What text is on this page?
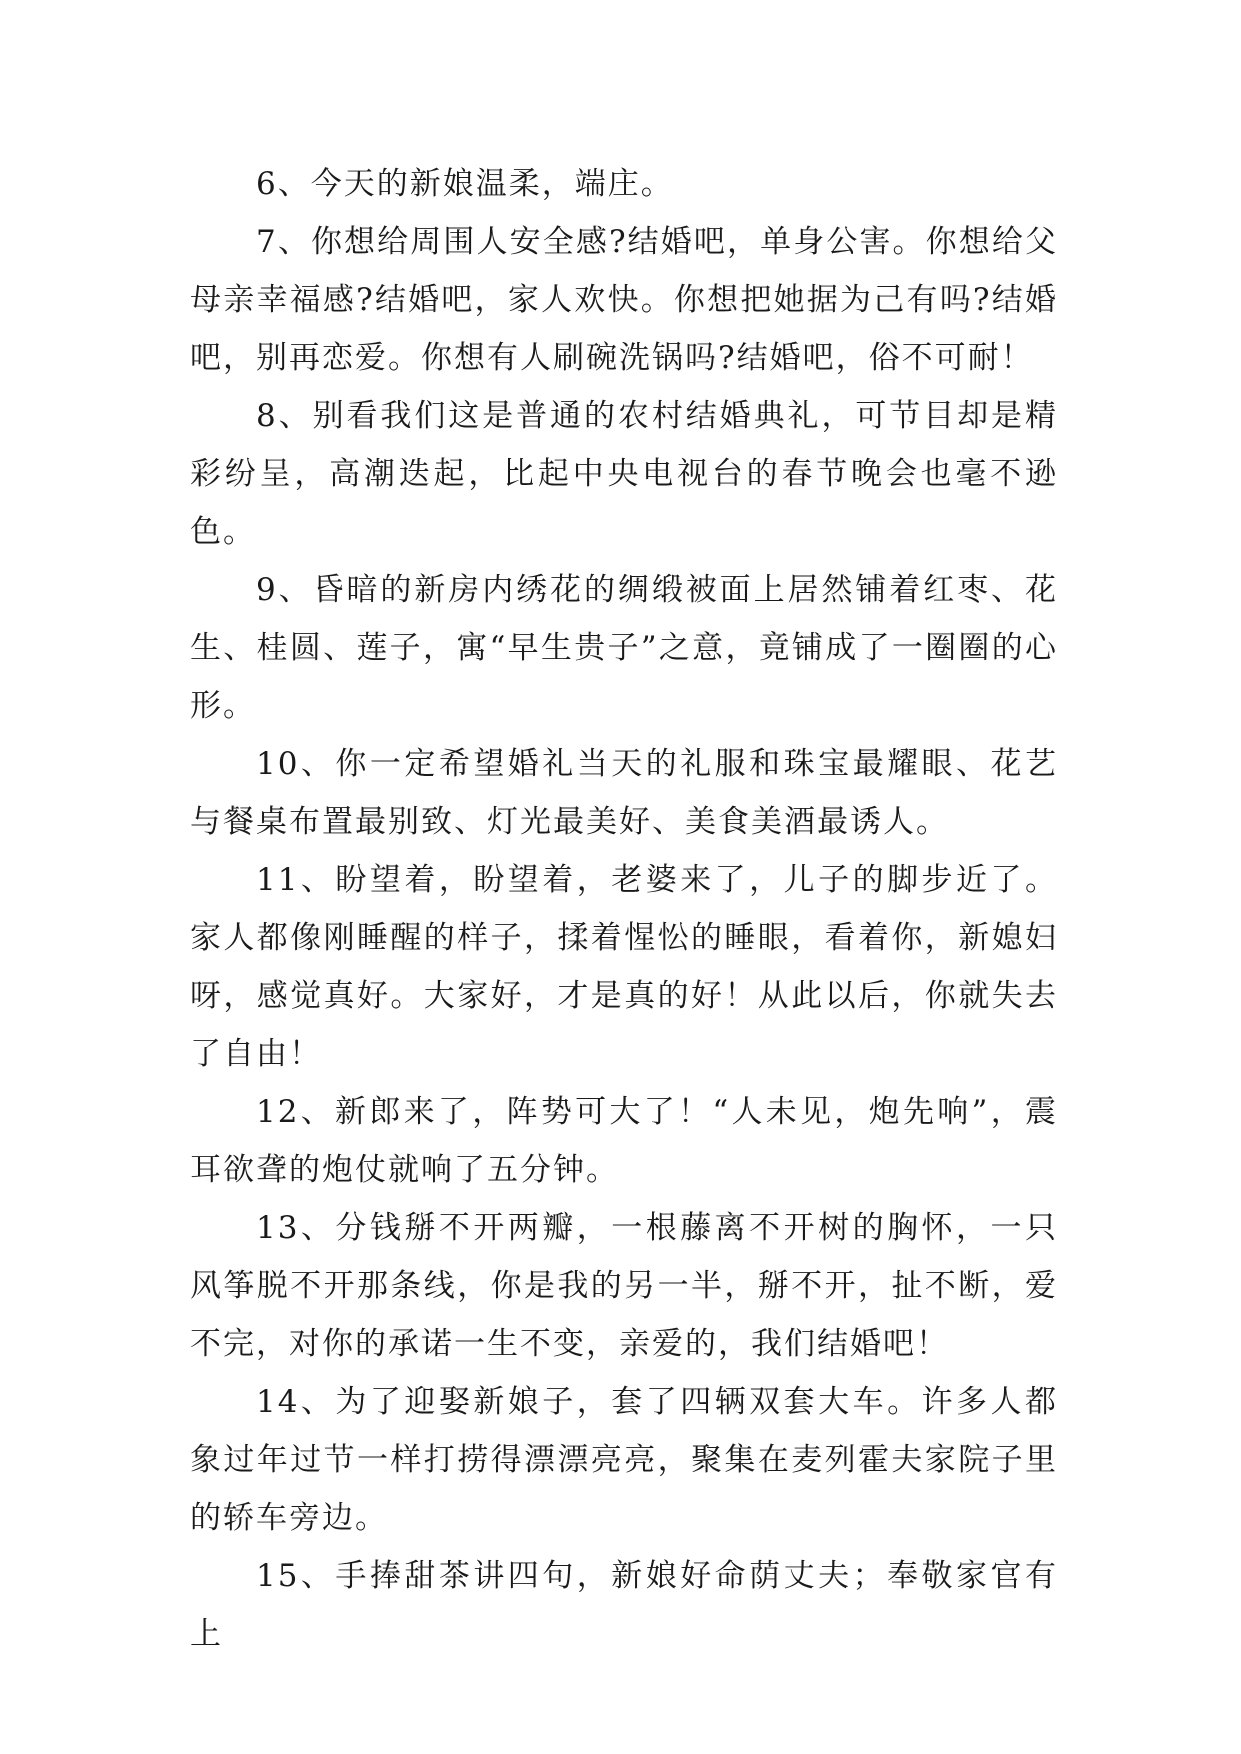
6、今天的新娘温柔，端庄。

7、你想给周围人安全感?结婚吧，单身公害。你想给父母亲幸福感?结婚吧，家人欢快。你想把她据为己有吗?结婚吧，别再恋爱。你想有人刷碗洗锅吗?结婚吧，俗不可耐！

8、别看我们这是普通的农村结婚典礼，可节目却是精彩纷呈，高潮迭起，比起中央电视台的春节晚会也毫不逊色。

9、昏暗的新房内绣花的绸缎被面上居然铺着红枣、花生、桂圆、莲子，寓“早生贵子”之意，竟铺成了一圈圈的心形。

10、你一定希望婚礼当天的礼服和珠宝最耀眼、花艺与餐桌布置最别致、灯光最美好、美食美酒最诱人。

11、盼望着，盼望着，老婆来了，儿子的脚步近了。家人都像刚睡醒的样子，揉着惺忪的睡眼，看着你，新媳妇呀，感觉真好。大家好，才是真的好！从此以后，你就失去了自由！

12、新郎来了，阵势可大了！“人未见，炮先响”，震耳欲聋的炮仗就响了五分钟。

13、分钱掰不开两瓣，一根藤离不开树的胸怀，一只风筝脱不开那条线，你是我的另一半，掰不开，扯不断，爱不完，对你的承诺一生不变，亲爱的，我们结婚吧！

14、为了迎娶新娘子，套了四辆双套大车。许多人都象过年过节一样打捞得漂漂亮亮，聚集在麦列霍夫家院子里的轿车旁边。

15、手捧甜茶讲四句，新娘好命荫丈夫；奉敬家官有上
